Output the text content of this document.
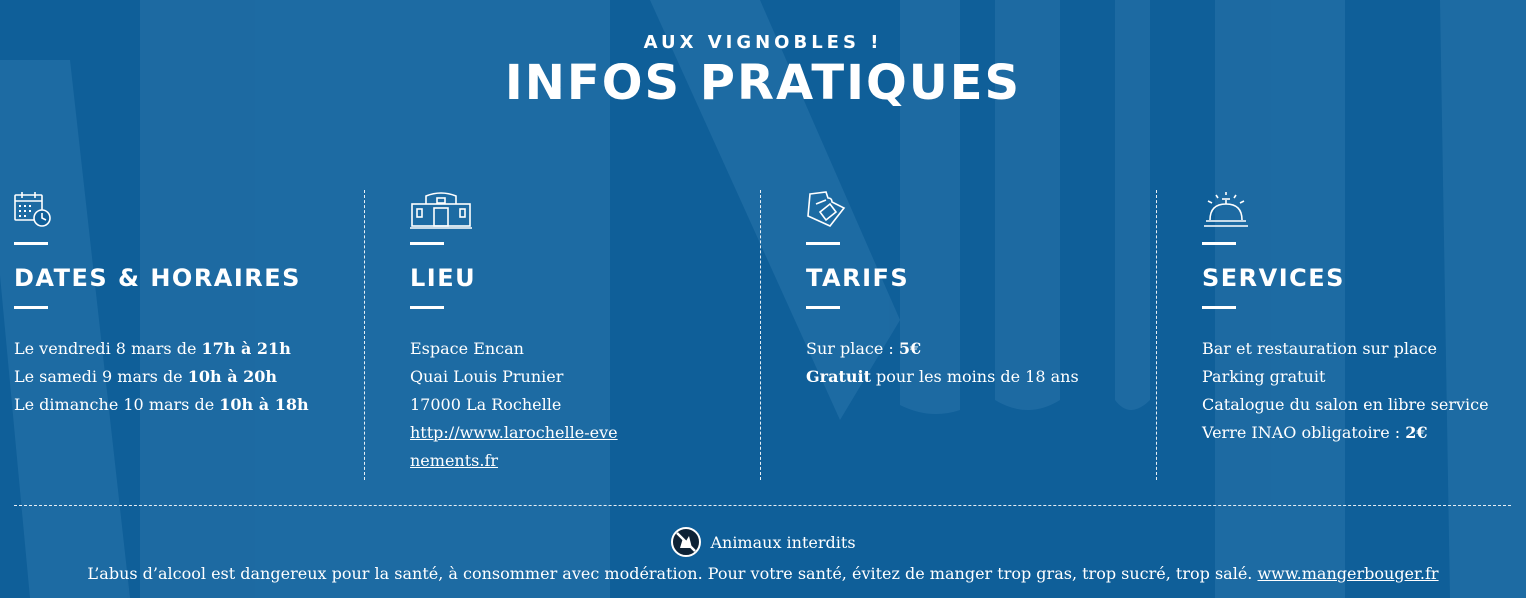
AUX VIGNOBLES !
INFOS PRATIQUES
DATES & HORAIRES
Le vendredi 8 mars de 17h à 21h
Le samedi 9 mars de 10h à 20h
Le dimanche 10 mars de 10h à 18h
LIEU
Espace Encan
Quai Louis Prunier
17000 La Rochelle
http://www.larochelle-evenements.fr
TARIFS
Sur place : 5€
Gratuit pour les moins de 18 ans
SERVICES
Bar et restauration sur place
Parking gratuit
Catalogue du salon en libre service
Verre INAO obligatoire : 2€
Animaux interdits
L’abus d’alcool est dangereux pour la santé, à consommer avec modération. Pour votre santé, évitez de manger trop gras, trop sucré, trop salé. www.mangerbouger.fr
